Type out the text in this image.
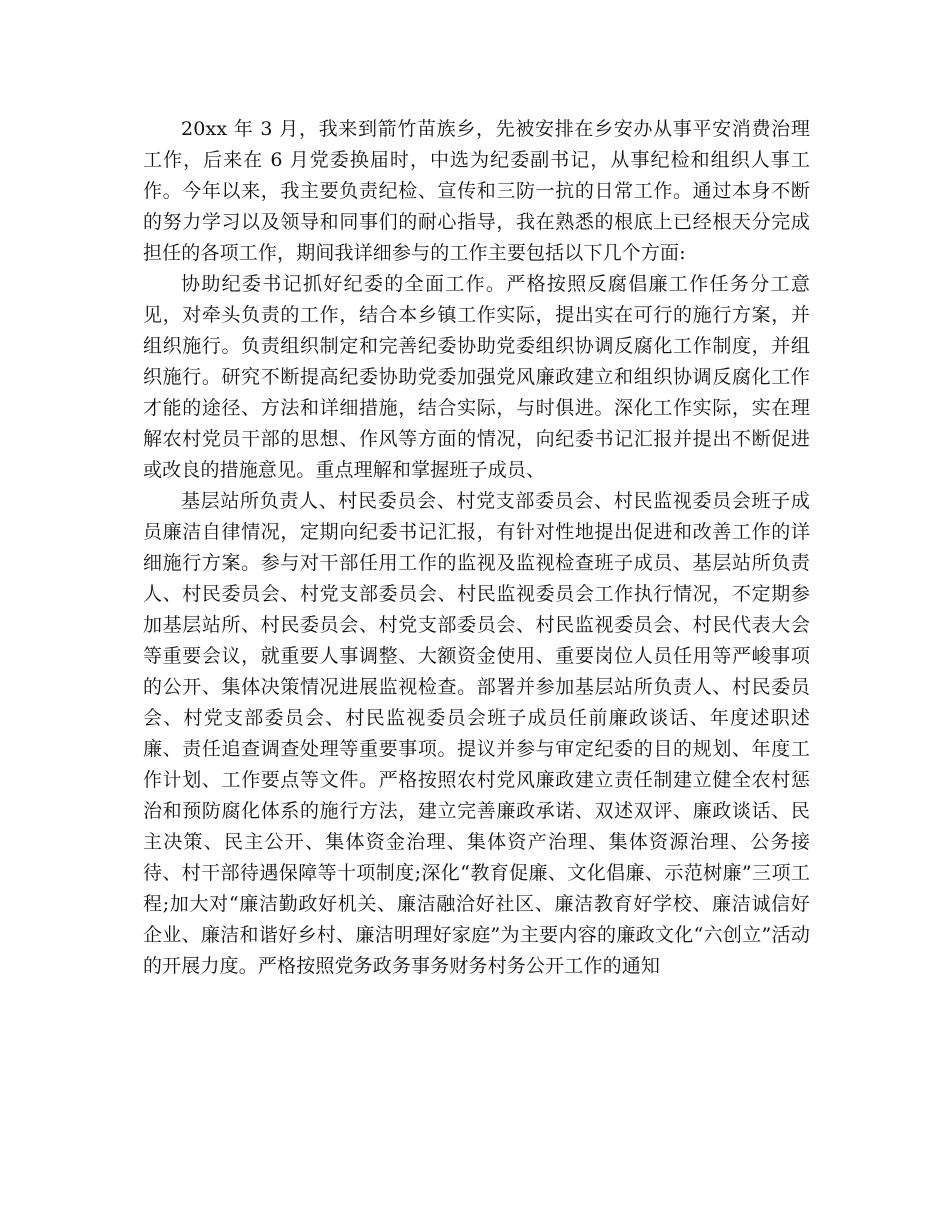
20xx 年 3 月，我来到箭竹苗族乡，先被安排在乡安办从事平安消费治理工作，后来在 6 月党委换届时，中选为纪委副书记，从事纪检和组织人事工作。今年以来，我主要负责纪检、宣传和三防一抗的日常工作。通过本身不断的努力学习以及领导和同事们的耐心指导，我在熟悉的根底上已经根天分完成担任的各项工作，期间我详细参与的工作主要包括以下几个方面:

协助纪委书记抓好纪委的全面工作。严格按照反腐倡廉工作任务分工意见，对牵头负责的工作，结合本乡镇工作实际，提出实在可行的施行方案，并组织施行。负责组织制定和完善纪委协助党委组织协调反腐化工作制度，并组织施行。研究不断提高纪委协助党委加强党风廉政建立和组织协调反腐化工作才能的途径、方法和详细措施，结合实际，与时俱进。深化工作实际，实在理解农村党员干部的思想、作风等方面的情况，向纪委书记汇报并提出不断促进或改良的措施意见。重点理解和掌握班子成员、

基层站所负责人、村民委员会、村党支部委员会、村民监视委员会班子成员廉洁自律情况，定期向纪委书记汇报，有针对性地提出促进和改善工作的详细施行方案。参与对干部任用工作的监视及监视检查班子成员、基层站所负责人、村民委员会、村党支部委员会、村民监视委员会工作执行情况，不定期参加基层站所、村民委员会、村党支部委员会、村民监视委员会、村民代表大会等重要会议，就重要人事调整、大额资金使用、重要岗位人员任用等严峻事项的公开、集体决策情况进展监视检查。部署并参加基层站所负责人、村民委员会、村党支部委员会、村民监视委员会班子成员任前廉政谈话、年度述职述廉、责任追查调查处理等重要事项。提议并参与审定纪委的目的规划、年度工作计划、工作要点等文件。严格按照农村党风廉政建立责任制建立健全农村惩治和预防腐化体系的施行方法，建立完善廉政承诺、双述双评、廉政谈话、民主决策、民主公开、集体资金治理、集体资产治理、集体资源治理、公务接待、村干部待遇保障等十项制度;深化“教育促廉、文化倡廉、示范树廉”三项工程;加大对“廉洁勤政好机关、廉洁融洽好社区、廉洁教育好学校、廉洁诚信好企业、廉洁和谐好乡村、廉洁明理好家庭”为主要内容的廉政文化“六创立”活动的开展力度。严格按照党务政务事务财务村务公开工作的通知
